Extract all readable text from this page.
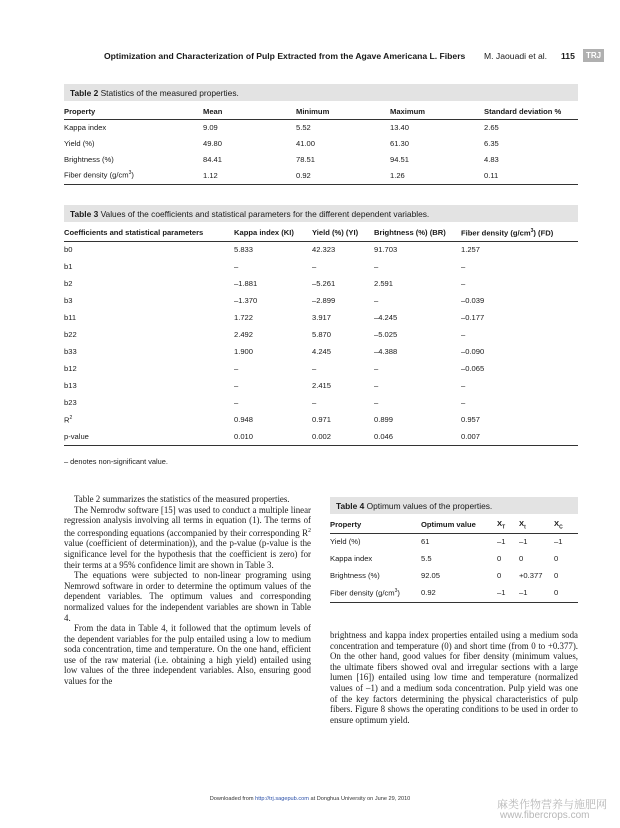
Optimization and Characterization of Pulp Extracted from the Agave Americana L. Fibers M. Jaouadi et al. 115	TRJ
Table 2 Statistics of the measured properties.
Property	Mean	Minimum	Maximum	Standard deviation %
Kappa index	9.09	5.52	13.40	2.65
Yield (%)	49.80	41.00	61.30	6.35
Brightness (%)	84.41	78.51	94.51	4.83
Fiber density $(g/cm^3)$	1.12	0.92	1.26	0.11
Table 3 Values of the coefficients and statistical parameters for the different dependent variables.
Coefficients and statistical parameters	Kappa index (KI)	Yield (%) (YI)	Brightness (%) (BR)	Fiber density $(g/cm^3)$ (FD)
b0	5.833	42.323	91.703	1.257
b1	–	–	–	–
b2	–1.881	–5.261	2.591	–
b3	–1.370	–2.899	–	–0.039
b11	1.722	3.917	–4.245	–0.177
b22	2.492	5.870	–5.025	–
b33	1.900	4.245	–4.388	–0.090
b12	–	–	–	–0.065
b13	–	2.415	–	–
b23	–	–	–	–
$R^2$	0.948	0.971	0.899	0.957
p-value	0.010	0.002	0.046	0.007
– denotes non-significant value.

Table 2 summarizes the statistics of the measured properties.

The Nemrodw software [15] was used to conduct a multiple linear regression analysis involving all terms in equation (1). The terms of the corresponding equations (accompanied by their corresponding $R^2$ value (coefficient of determination)), and the p-value (p-value is the significance level for the hypothesis that the coefficient is zero) for their terms at a 95% confidence limit are shown in Table 3.

The equations were subjected to non-linear programing using Nemrowd software in order to determine the optimum values of the dependent variables. The optimum values and corresponding normalized values for the independent variables are shown in Table 4.

From the data in Table 4, it followed that the optimum levels of the dependent variables for the pulp entailed using a low to medium soda concentration, time and temperature. On the one hand, efficient use of the raw material (i.e. obtaining a high yield) entailed using low values of the three independent variables. Also, ensuring good values for the

Table 4 Optimum values of the properties.
Property	Optimum value	$X_T$	$X_t$	$X_C$
Yield (%)	61	–1	–1	–1
Kappa index	5.5	0	0	0
Brightness (%)	92.05	0	+0.377	0
Fiber density $(g/cm^3)$	0.92	–1	–1	0

brightness and kappa index properties entailed using a medium soda concentration and temperature (0) and short time (from 0 to +0.377). On the other hand, good values for fiber density (minimum values, the ultimate fibers showed oval and irregular sections with a large lumen [16]) entailed using low time and temperature (normalized values of –1) and a medium soda concentration. Pulp yield was one of the key factors determining the physical characteristics of pulp fibers. Figure 8 shows the operating conditions to be used in order to ensure optimum yield.

Downloaded from http://trj.sagepub.com at Donghua University on June 29, 2010	麻类作物营养与施肥网
www.fibercrops.com
